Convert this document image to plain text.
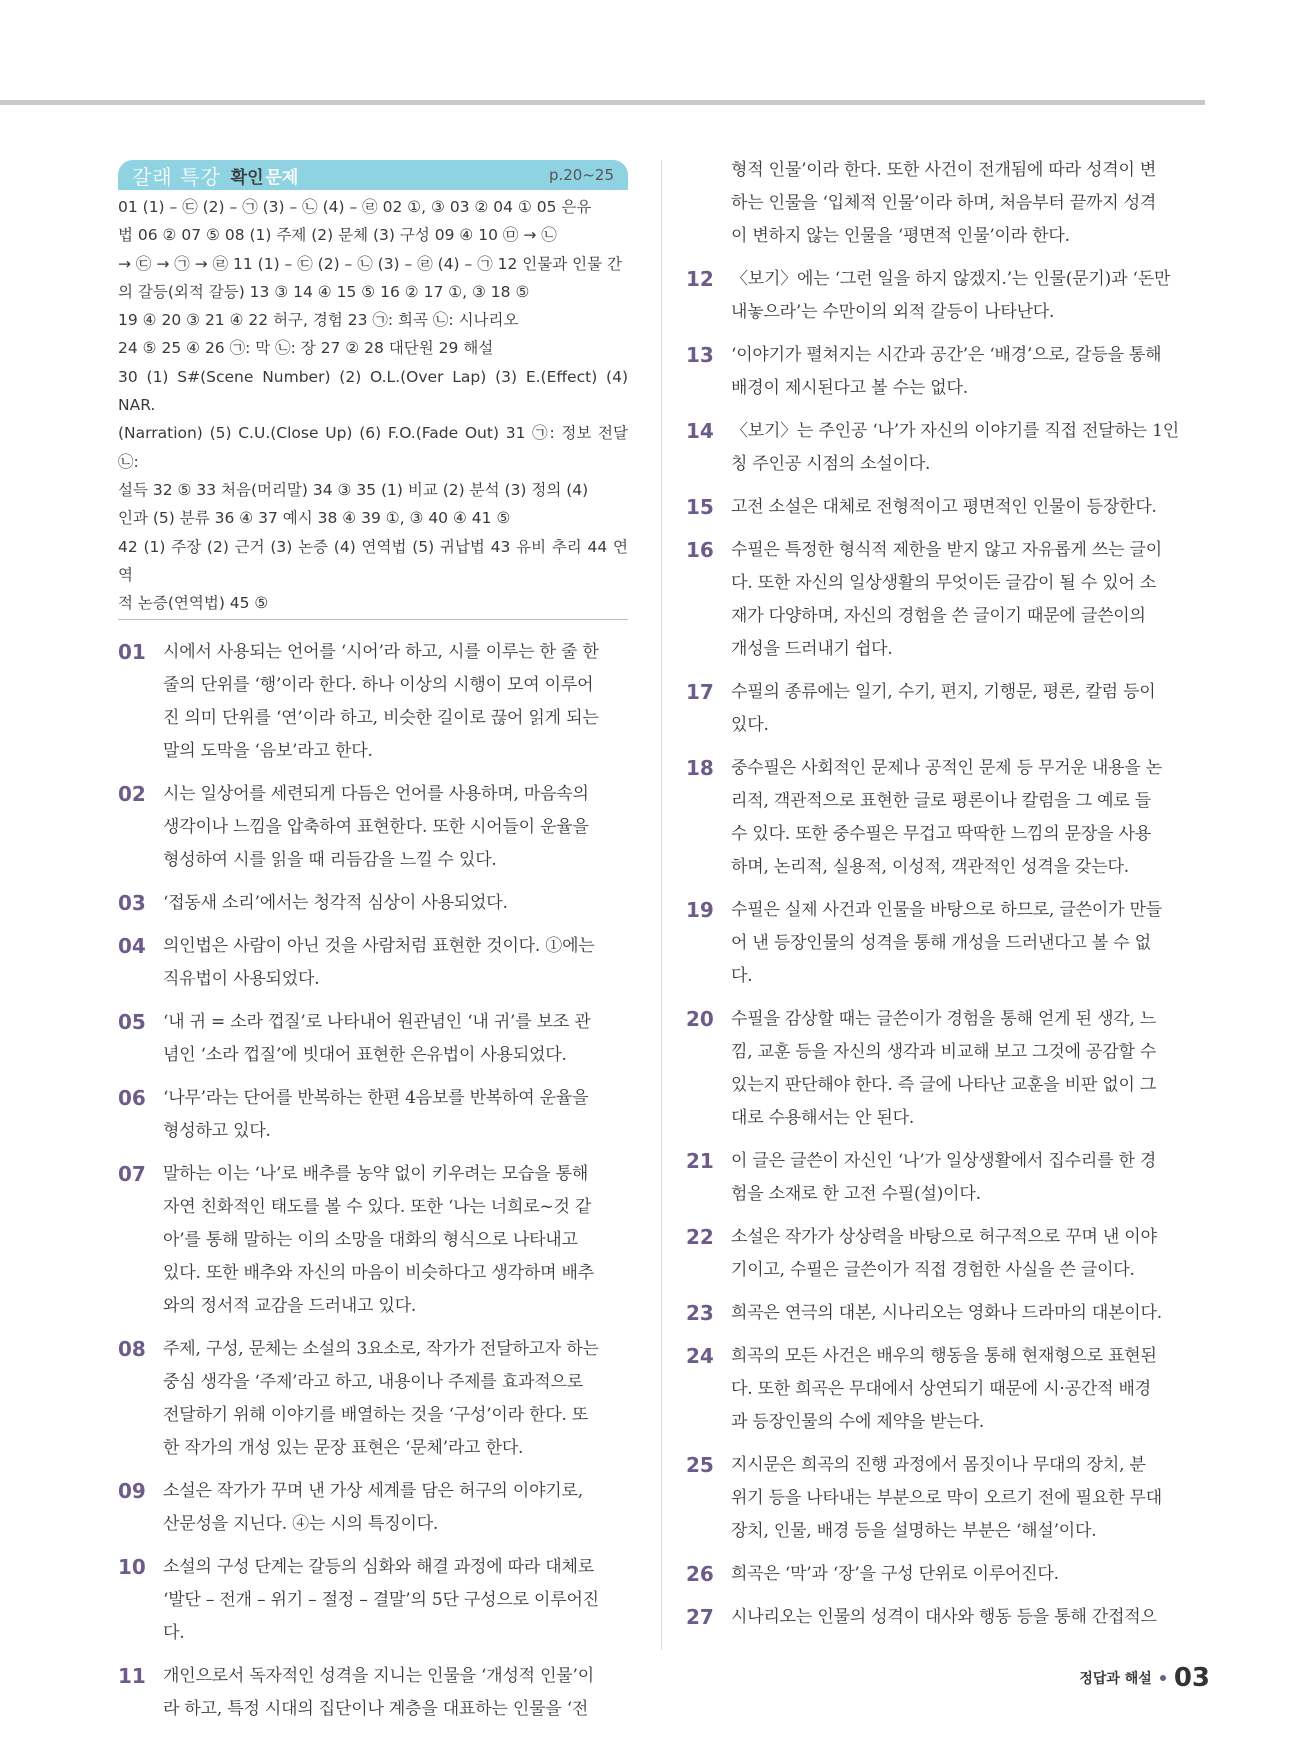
갈래 특강 확인 문제	p.20~25

01 (1) – ㉢ (2) – ㉠ (3) – ㉡ (4) – ㉣ 02 ①, ③ 03 ② 04 ① 05 은유

법 06 ② 07 ⑤ 08 (1) 주제 (2) 문체 (3) 구성 09 ④ 10 ㉤ → ㉡

→ ㉢ → ㉠ → ㉣ 11 (1) – ㉢ (2) – ㉡ (3) – ㉣ (4) – ㉠ 12 인물과 인물 간

의 갈등(외적 갈등) 13 ③ 14 ④ 15 ⑤ 16 ② 17 ①, ③ 18 ⑤

19 ④ 20 ③ 21 ④ 22 허구, 경험 23 ㉠: 희곡 ㉡: 시나리오

24 ⑤ 25 ④ 26 ㉠: 막 ㉡: 장 27 ② 28 대단원 29 해설

30 (1) S#(Scene Number) (2) O.L.(Over Lap) (3) E.(Effect) (4) NAR.

(Narration) (5) C.U.(Close Up) (6) F.O.(Fade Out) 31 ㉠: 정보 전달 ㉡:

설득 32 ⑤ 33 처음(머리말) 34 ③ 35 (1) 비교 (2) 분석 (3) 정의 (4)

인과 (5) 분류 36 ④ 37 예시 38 ④ 39 ①, ③ 40 ④ 41 ⑤

42 (1) 주장 (2) 근거 (3) 논증 (4) 연역법 (5) 귀납법 43 유비 추리 44 연역

적 논증(연역법) 45 ⑤

01	시에서 사용되는 언어를 ‘시어’라 하고, 시를 이루는 한 줄 한

줄의 단위를 ‘행’이라 한다. 하나 이상의 시행이 모여 이루어

진 의미 단위를 ‘연’이라 하고, 비슷한 길이로 끊어 읽게 되는

말의 도막을 ‘음보’라고 한다.

02	시는 일상어를 세련되게 다듬은 언어를 사용하며, 마음속의

생각이나 느낌을 압축하여 표현한다. 또한 시어들이 운율을

형성하여 시를 읽을 때 리듬감을 느낄 수 있다.

03	‘접동새 소리’에서는 청각적 심상이 사용되었다.

04	의인법은 사람이 아닌 것을 사람처럼 표현한 것이다. ①에는

직유법이 사용되었다.

05	‘내 귀 = 소라 껍질’로 나타내어 원관념인 ‘내 귀’를 보조 관

념인 ‘소라 껍질’에 빗대어 표현한 은유법이 사용되었다.

06	‘나무’라는 단어를 반복하는 한편 4음보를 반복하여 운율을

형성하고 있다.

07	말하는 이는 ‘나’로 배추를 농약 없이 키우려는 모습을 통해

자연 친화적인 태도를 볼 수 있다. 또한 ‘나는 너희로~것 같

아’를 통해 말하는 이의 소망을 대화의 형식으로 나타내고

있다. 또한 배추와 자신의 마음이 비슷하다고 생각하며 배추

와의 정서적 교감을 드러내고 있다.

08	주제, 구성, 문체는 소설의 3요소로, 작가가 전달하고자 하는

중심 생각을 ‘주제’라고 하고, 내용이나 주제를 효과적으로

전달하기 위해 이야기를 배열하는 것을 ‘구성’이라 한다. 또

한 작가의 개성 있는 문장 표현은 ‘문체’라고 한다.

09	소설은 작가가 꾸며 낸 가상 세계를 담은 허구의 이야기로,

산문성을 지닌다. ④는 시의 특징이다.

10	소설의 구성 단계는 갈등의 심화와 해결 과정에 따라 대체로

‘발단 – 전개 – 위기 – 절정 – 결말’의 5단 구성으로 이루어진

다.

11	개인으로서 독자적인 성격을 지니는 인물을 ‘개성적 인물’이

라 하고, 특정 시대의 집단이나 계층을 대표하는 인물을 ‘전

형적 인물’이라 한다. 또한 사건이 전개됨에 따라 성격이 변

하는 인물을 ‘입체적 인물’이라 하며, 처음부터 끝까지 성격

이 변하지 않는 인물을 ‘평면적 인물’이라 한다.

12	〈보기〉에는 ‘그런 일을 하지 않겠지.’는 인물(문기)과 ‘돈만

내놓으라’는 수만이의 외적 갈등이 나타난다.

13	‘이야기가 펼쳐지는 시간과 공간’은 ‘배경’으로, 갈등을 통해

배경이 제시된다고 볼 수는 없다.

14	〈보기〉는 주인공 ‘나’가 자신의 이야기를 직접 전달하는 1인

칭 주인공 시점의 소설이다.

15	고전 소설은 대체로 전형적이고 평면적인 인물이 등장한다.

16	수필은 특정한 형식적 제한을 받지 않고 자유롭게 쓰는 글이

다. 또한 자신의 일상생활의 무엇이든 글감이 될 수 있어 소

재가 다양하며, 자신의 경험을 쓴 글이기 때문에 글쓴이의

개성을 드러내기 쉽다.

17	수필의 종류에는 일기, 수기, 편지, 기행문, 평론, 칼럼 등이

있다.

18	중수필은 사회적인 문제나 공적인 문제 등 무거운 내용을 논

리적, 객관적으로 표현한 글로 평론이나 칼럼을 그 예로 들

수 있다. 또한 중수필은 무겁고 딱딱한 느낌의 문장을 사용

하며, 논리적, 실용적, 이성적, 객관적인 성격을 갖는다.

19	수필은 실제 사건과 인물을 바탕으로 하므로, 글쓴이가 만들

어 낸 등장인물의 성격을 통해 개성을 드러낸다고 볼 수 없

다.

20	수필을 감상할 때는 글쓴이가 경험을 통해 얻게 된 생각, 느

낌, 교훈 등을 자신의 생각과 비교해 보고 그것에 공감할 수

있는지 판단해야 한다. 즉 글에 나타난 교훈을 비판 없이 그

대로 수용해서는 안 된다.

21	이 글은 글쓴이 자신인 ‘나’가 일상생활에서 집수리를 한 경

험을 소재로 한 고전 수필(설)이다.

22	소설은 작가가 상상력을 바탕으로 허구적으로 꾸며 낸 이야

기이고, 수필은 글쓴이가 직접 경험한 사실을 쓴 글이다.

23	희곡은 연극의 대본, 시나리오는 영화나 드라마의 대본이다.

24	희곡의 모든 사건은 배우의 행동을 통해 현재형으로 표현된

다. 또한 희곡은 무대에서 상연되기 때문에 시·공간적 배경

과 등장인물의 수에 제약을 받는다.

25	지시문은 희곡의 진행 과정에서 몸짓이나 무대의 장치, 분

위기 등을 나타내는 부분으로 막이 오르기 전에 필요한 무대

장치, 인물, 배경 등을 설명하는 부분은 ‘해설’이다.

26	희곡은 ‘막’과 ‘장’을 구성 단위로 이루어진다.

27	시나리오는 인물의 성격이 대사와 행동 등을 통해 간접적으

정답과 해설 03
